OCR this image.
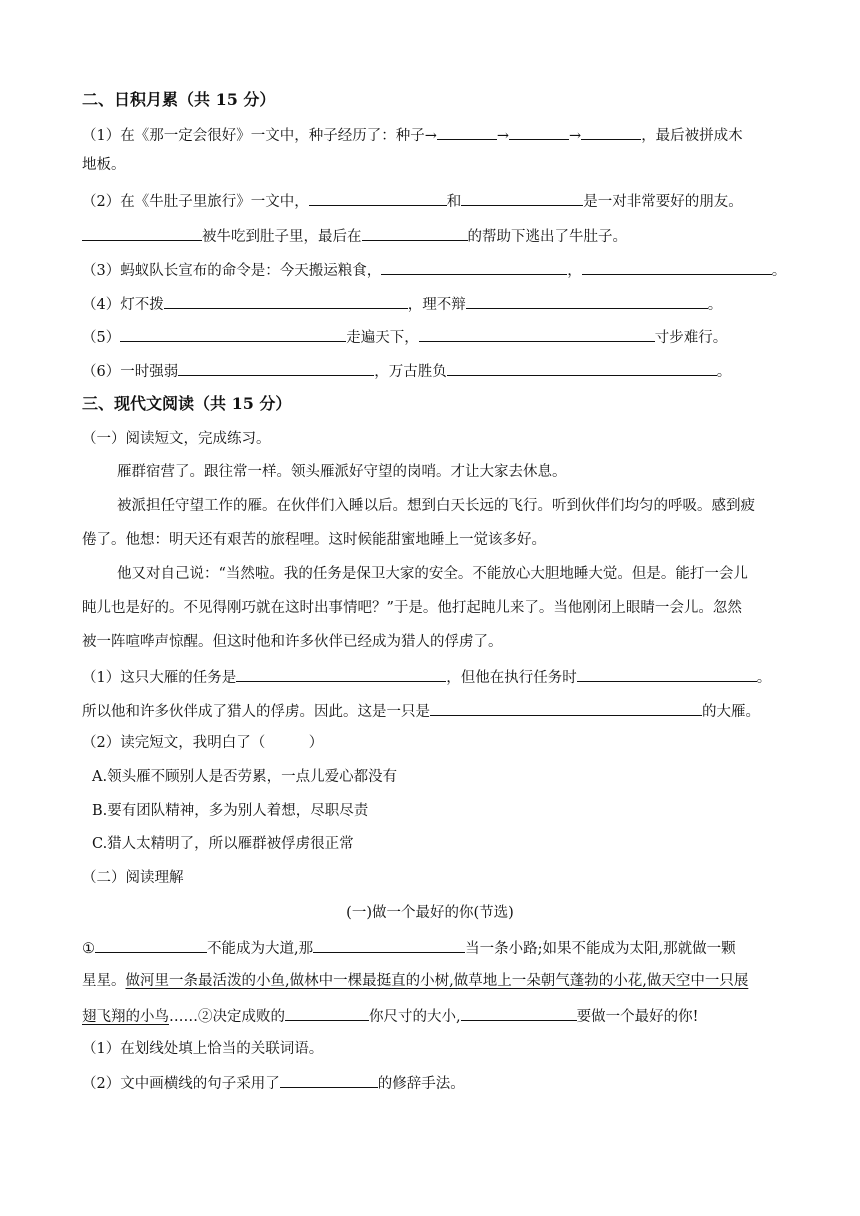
二、日积月累（共 15 分）
（1）在《那一定会很好》一文中，种子经历了：种子→	→	→	，最后被拼成木
地板。
（2）在《牛肚子里旅行》一文中，	和	是一对非常要好的朋友。
被牛吃到肚子里，最后在	的帮助下逃出了牛肚子。
（3）蚂蚁队长宣布的命令是：今天搬运粮食，	，	。
（4）灯不拨	，理不辩	。
（5）	走遍天下，	寸步难行。
（6）一时强弱	，万古胜负	。
三、现代文阅读（共 15 分）
（一）阅读短文，完成练习。
雁群宿营了。跟往常一样。领头雁派好守望的岗哨。才让大家去休息。
被派担任守望工作的雁。在伙伴们入睡以后。想到白天长远的飞行。听到伙伴们均匀的呼吸。感到疲
倦了。他想：明天还有艰苦的旅程哩。这时候能甜蜜地睡上一觉该多好。
他又对自己说：“当然啦。我的任务是保卫大家的安全。不能放心大胆地睡大觉。但是。能打一会儿
盹儿也是好的。不见得刚巧就在这时出事情吧？”于是。他打起盹儿来了。当他刚闭上眼睛一会儿。忽然
被一阵喧哗声惊醒。但这时他和许多伙伴已经成为猎人的俘虏了。
（1）这只大雁的任务是	，但他在执行任务时	。
所以他和许多伙伴成了猎人的俘虏。因此。这是一只是	的大雁。
（2）读完短文，我明白了（　　　）
A.领头雁不顾别人是否劳累，一点儿爱心都没有
B.要有团队精神，多为别人着想，尽职尽责
C.猎人太精明了，所以雁群被俘虏很正常
（二）阅读理解
(一)做一个最好的你(节选)
①	不能成为大道,那	当一条小路;如果不能成为太阳,那就做一颗
星星。做河里一条最活泼的小鱼,做林中一棵最挺直的小树,做草地上一朵朝气蓬勃的小花,做天空中一只展
翅飞翔的小鸟……②决定成败的	你尺寸的大小,	要做一个最好的你!
（1）在划线处填上恰当的关联词语。
（2）文中画横线的句子采用了	的修辞手法。
